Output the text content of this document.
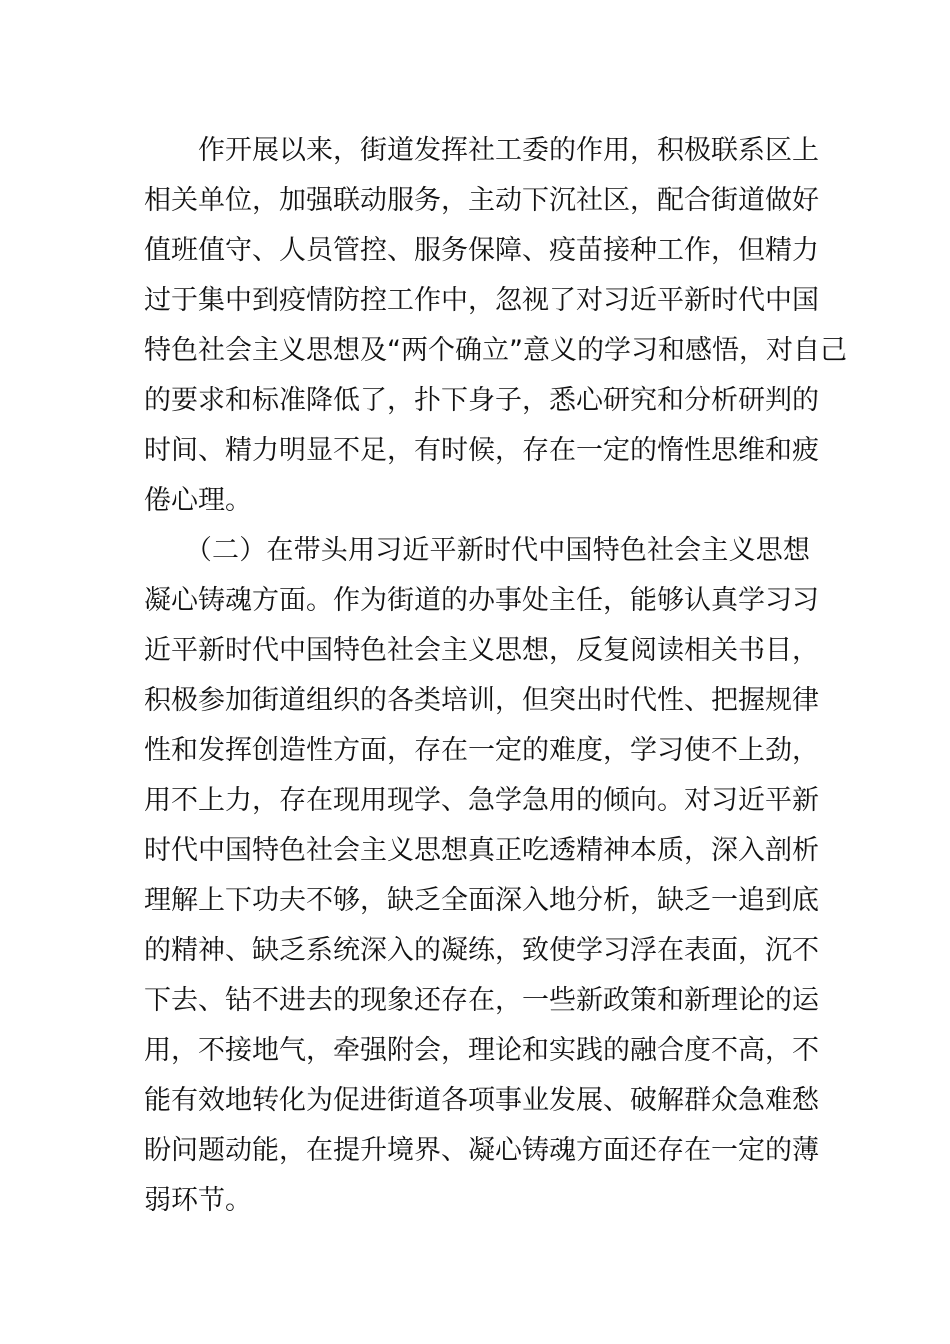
　　作开展以来，街道发挥社工委的作用，积极联系区上
相关单位，加强联动服务，主动下沉社区，配合街道做好
值班值守、人员管控、服务保障、疫苗接种工作，但精力
过于集中到疫情防控工作中，忽视了对习近平新时代中国
特色社会主义思想及“两个确立”意义的学习和感悟，对自己
的要求和标准降低了，扑下身子，悉心研究和分析研判的
时间、精力明显不足，有时候，存在一定的惰性思维和疲
倦心理。

　　（二）在带头用习近平新时代中国特色社会主义思想
凝心铸魂方面。作为街道的办事处主任，能够认真学习习
近平新时代中国特色社会主义思想，反复阅读相关书目，
积极参加街道组织的各类培训，但突出时代性、把握规律
性和发挥创造性方面，存在一定的难度，学习使不上劲，
用不上力，存在现用现学、急学急用的倾向。对习近平新
时代中国特色社会主义思想真正吃透精神本质，深入剖析
理解上下功夫不够，缺乏全面深入地分析，缺乏一追到底
的精神、缺乏系统深入的凝练，致使学习浮在表面，沉不
下去、钻不进去的现象还存在，一些新政策和新理论的运
用，不接地气，牵强附会，理论和实践的融合度不高，不
能有效地转化为促进街道各项事业发展、破解群众急难愁
盼问题动能，在提升境界、凝心铸魂方面还存在一定的薄
弱环节。
